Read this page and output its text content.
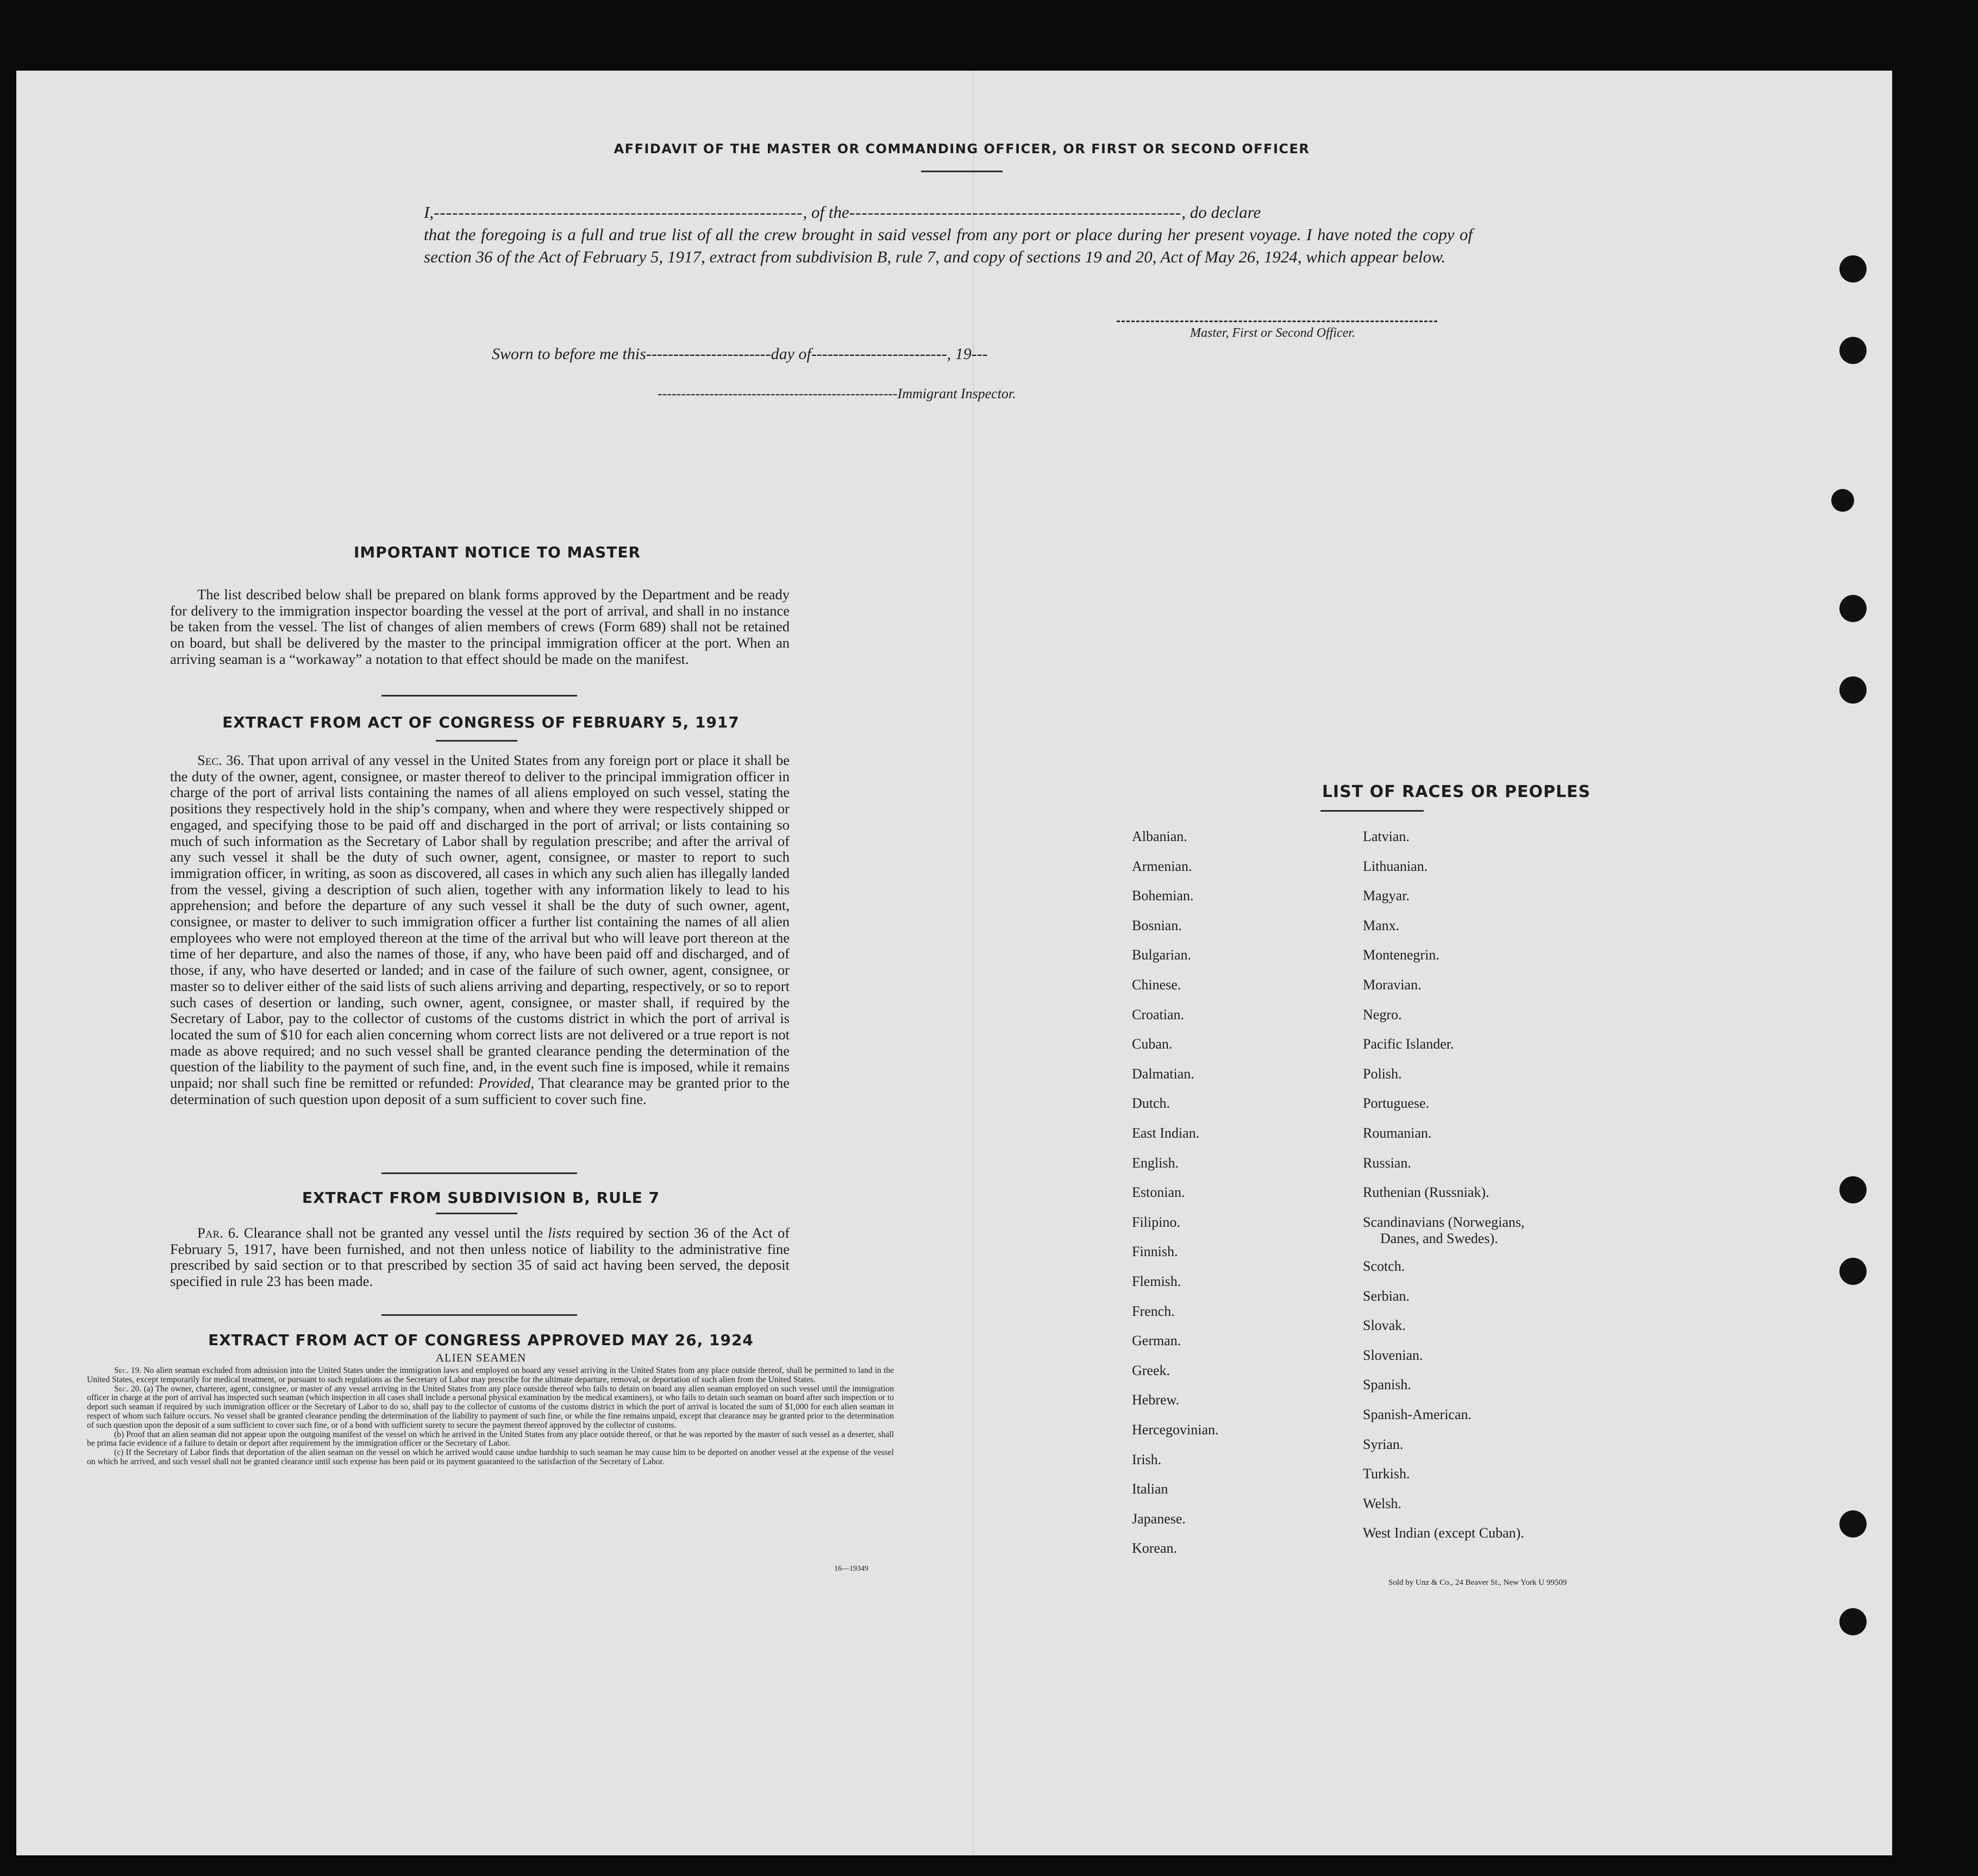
AFFIDAVIT OF THE MASTER OR COMMANDING OFFICER, OR FIRST OR SECOND OFFICER
I,------------------------------------------------------------, of the------------------------------------------------------, do declare
that the foregoing is a full and true list of all the crew brought in said vessel from any port or place during her present voyage. I have noted the copy of section 36 of the Act of February 5, 1917, extract from subdivision B, rule 7, and copy of sections 19 and 20, Act of May 26, 1924, which appear below.
Master, First or Second Officer.
Sworn to before me this-----------------------day of-------------------------, 19---
---------------------------------------------------Immigrant Inspector.
IMPORTANT NOTICE TO MASTER
The list described below shall be prepared on blank forms approved by the Department and be ready for delivery to the immigration inspector boarding the vessel at the port of arrival, and shall in no instance be taken from the vessel. The list of changes of alien members of crews (Form 689) shall not be retained on board, but shall be delivered by the master to the principal immigration officer at the port. When an arriving seaman is a “workaway” a notation to that effect should be made on the manifest.
EXTRACT FROM ACT OF CONGRESS OF FEBRUARY 5, 1917
Sec. 36. That upon arrival of any vessel in the United States from any foreign port or place it shall be the duty of the owner, agent, consignee, or master thereof to deliver to the principal immigration officer in charge of the port of arrival lists containing the names of all aliens employed on such vessel, stating the positions they respectively hold in the ship’s company, when and where they were respectively shipped or engaged, and specifying those to be paid off and discharged in the port of arrival; or lists containing so much of such information as the Secretary of Labor shall by regulation prescribe; and after the arrival of any such vessel it shall be the duty of such owner, agent, consignee, or master to report to such immigration officer, in writing, as soon as discovered, all cases in which any such alien has illegally landed from the vessel, giving a description of such alien, together with any information likely to lead to his apprehension; and before the departure of any such vessel it shall be the duty of such owner, agent, consignee, or master to deliver to such immigration officer a further list containing the names of all alien employees who were not employed thereon at the time of the arrival but who will leave port thereon at the time of her departure, and also the names of those, if any, who have been paid off and discharged, and of those, if any, who have deserted or landed; and in case of the failure of such owner, agent, consignee, or master so to deliver either of the said lists of such aliens arriving and departing, respectively, or so to report such cases of desertion or landing, such owner, agent, consignee, or master shall, if required by the Secretary of Labor, pay to the collector of customs of the customs district in which the port of arrival is located the sum of $10 for each alien concerning whom correct lists are not delivered or a true report is not made as above required; and no such vessel shall be granted clearance pending the determination of the question of the liability to the payment of such fine, and, in the event such fine is imposed, while it remains unpaid; nor shall such fine be remitted or refunded: Provided, That clearance may be granted prior to the determination of such question upon deposit of a sum sufficient to cover such fine.
EXTRACT FROM SUBDIVISION B, RULE 7
Par. 6. Clearance shall not be granted any vessel until the lists required by section 36 of the Act of February 5, 1917, have been furnished, and not then unless notice of liability to the administrative fine prescribed by said section or to that prescribed by section 35 of said act having been served, the deposit specified in rule 23 has been made.
EXTRACT FROM ACT OF CONGRESS APPROVED MAY 26, 1924
ALIEN SEAMEN
Sec. 19. No alien seaman excluded from admission into the United States under the immigration laws and employed on board any vessel arriving in the United States from any place outside thereof, shall be permitted to land in the United States, except temporarily for medical treatment, or pursuant to such regulations as the Secretary of Labor may prescribe for the ultimate departure, removal, or deportation of such alien from the United States.
Sec. 20. (a) The owner, charterer, agent, consignee, or master of any vessel arriving in the United States from any place outside thereof who fails to detain on board any alien seaman employed on such vessel until the immigration officer in charge at the port of arrival has inspected such seaman (which inspection in all cases shall include a personal physical examination by the medical examiners), or who fails to detain such seaman on board after such inspection or to deport such seaman if required by such immigration officer or the Secretary of Labor to do so, shall pay to the collector of customs of the customs district in which the port of arrival is located the sum of $1,000 for each alien seaman in respect of whom such failure occurs. No vessel shall be granted clearance pending the determination of the liability to payment of such fine, or while the fine remains unpaid, except that clearance may be granted prior to the determination of such question upon the deposit of a sum sufficient to cover such fine, or of a bond with sufficient surety to secure the payment thereof approved by the collector of customs.
(b) Proof that an alien seaman did not appear upon the outgoing manifest of the vessel on which he arrived in the United States from any place outside thereof, or that he was reported by the master of such vessel as a deserter, shall be prima facie evidence of a failure to detain or deport after requirement by the immigration officer or the Secretary of Labor.
(c) If the Secretary of Labor finds that deportation of the alien seaman on the vessel on which he arrived would cause undue hardship to such seaman he may cause him to be deported on another vessel at the expense of the vessel on which he arrived, and such vessel shall not be granted clearance until such expense has been paid or its payment guaranteed to the satisfaction of the Secretary of Labor.
16—19349
LIST OF RACES OR PEOPLES
Sold by Unz & Co., 24 Beaver St., New York U 99509
Albanian.
Armenian.
Bohemian.
Bosnian.
Bulgarian.
Chinese.
Croatian.
Cuban.
Dalmatian.
Dutch.
East Indian.
English.
Estonian.
Filipino.
Finnish.
Flemish.
French.
German.
Greek.
Hebrew.
Hercegovinian.
Irish.
Italian
Japanese.
Korean.
Latvian.
Lithuanian.
Magyar.
Manx.
Montenegrin.
Moravian.
Negro.
Pacific Islander.
Polish.
Portuguese.
Roumanian.
Russian.
Ruthenian (Russniak).
Scandinavians (Norwegians,
Danes, and Swedes).
Scotch.
Serbian.
Slovak.
Slovenian.
Spanish.
Spanish-American.
Syrian.
Turkish.
Welsh.
West Indian (except Cuban).
